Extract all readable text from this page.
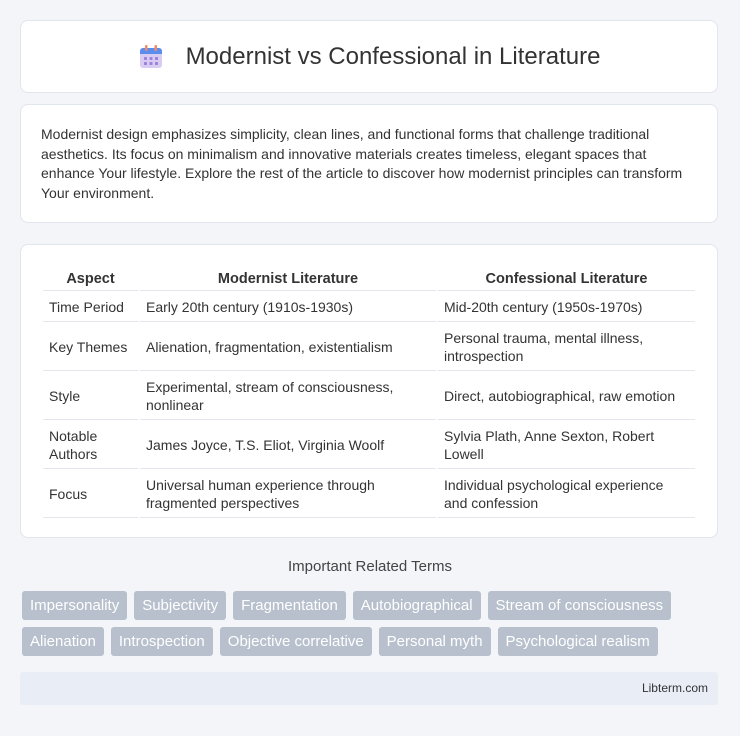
Modernist vs Confessional in Literature

Modernist design emphasizes simplicity, clean lines, and functional forms that challenge traditional aesthetics. Its focus on minimalism and innovative materials creates timeless, elegant spaces that enhance Your lifestyle. Explore the rest of the article to discover how modernist principles can transform Your environment.

Aspect	Modernist Literature	Confessional Literature
Time Period	Early 20th century (1910s-1930s)	Mid-20th century (1950s-1970s)
Key Themes	Alienation, fragmentation, existentialism	Personal trauma, mental illness, introspection
Style	Experimental, stream of consciousness, nonlinear	Direct, autobiographical, raw emotion
Notable Authors	James Joyce, T.S. Eliot, Virginia Woolf	Sylvia Plath, Anne Sexton, Robert Lowell
Focus	Universal human experience through fragmented perspectives	Individual psychological experience and confession
Important Related Terms
Impersonality	Subjectivity	Fragmentation	Autobiographical	Stream of consciousness
Alienation	Introspection	Objective correlative	Personal myth	Psychological realism
Libterm.com
